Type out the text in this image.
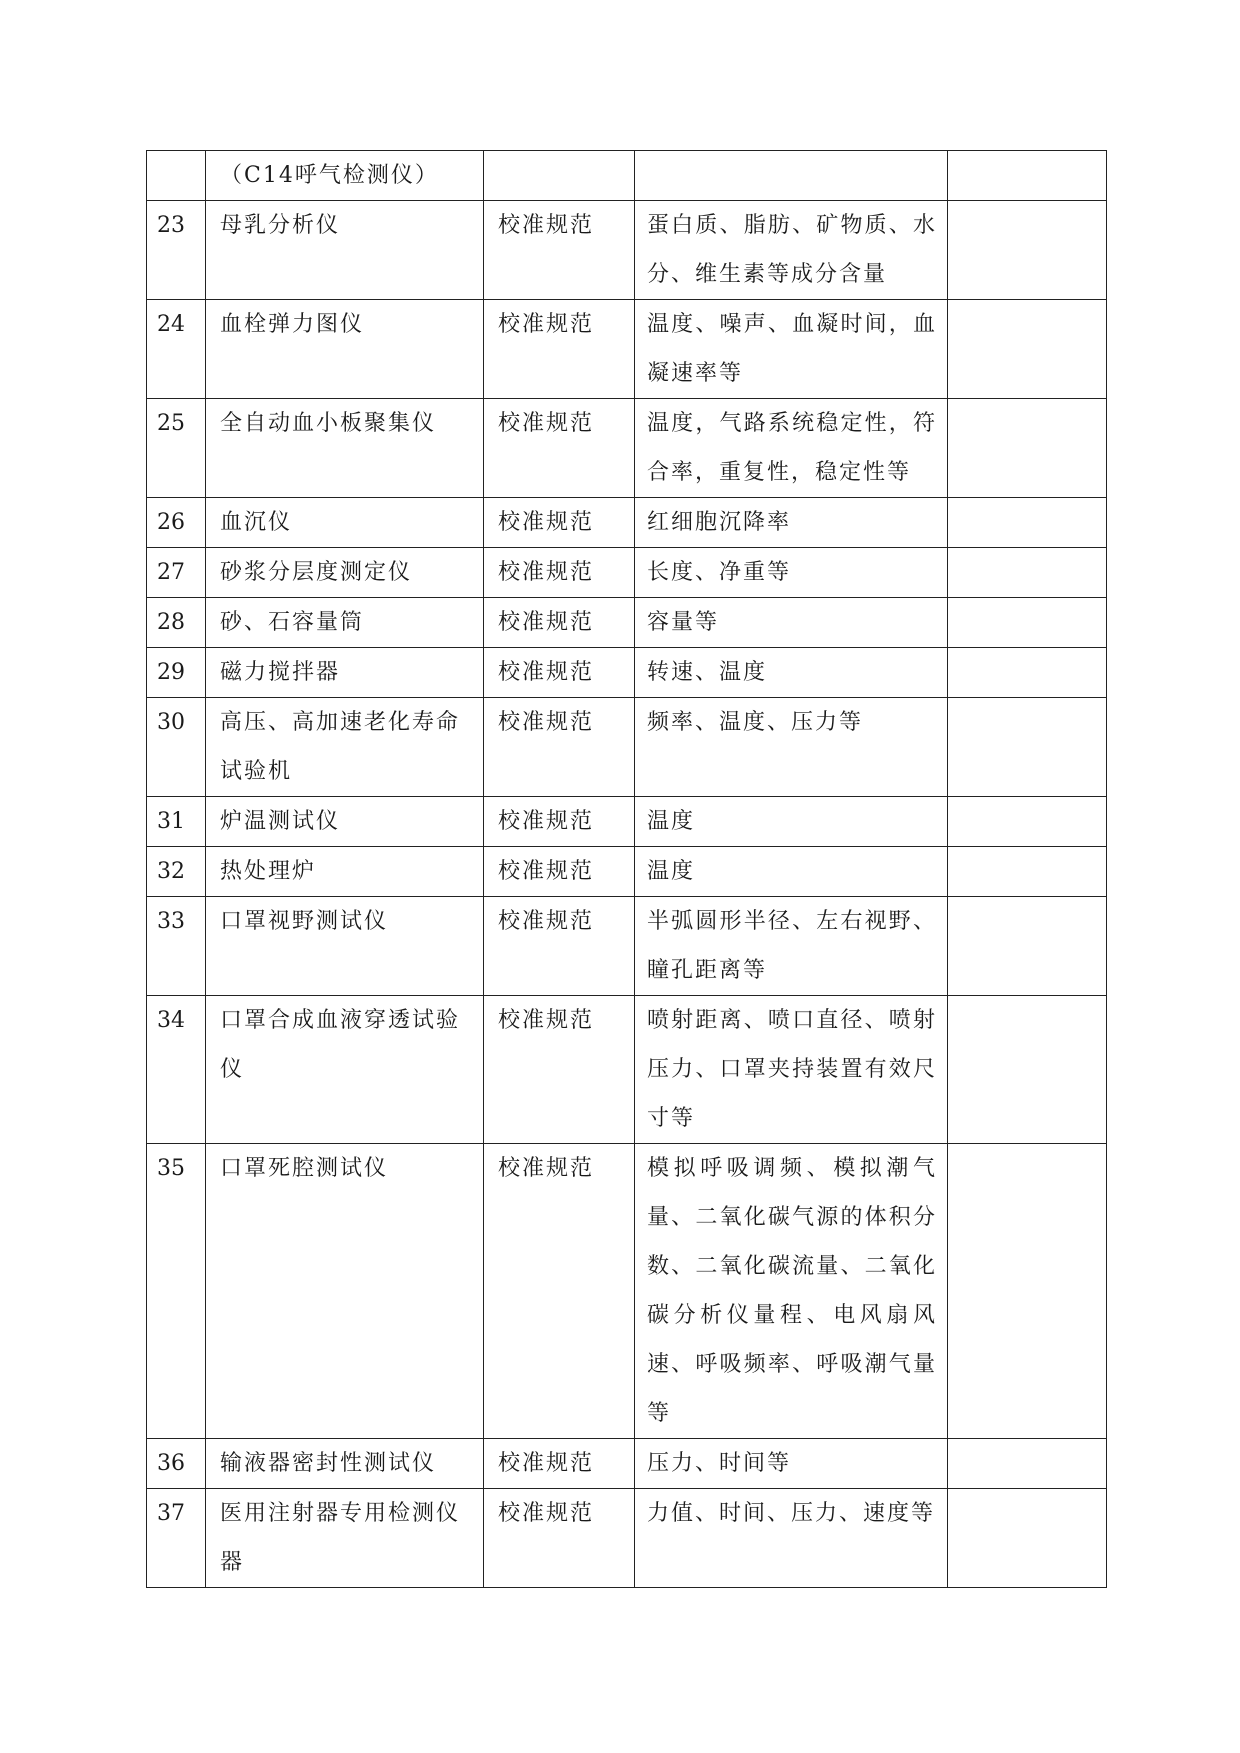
	（C14呼气检测仪）			
23	母乳分析仪	校准规范	蛋白质、脂肪、矿物质、水分、维生素等成分含量	
24	血栓弹力图仪	校准规范	温度、噪声、血凝时间，血凝速率等	
25	全自动血小板聚集仪	校准规范	温度，气路系统稳定性，符合率，重复性，稳定性等	
26	血沉仪	校准规范	红细胞沉降率	
27	砂浆分层度测定仪	校准规范	长度、净重等	
28	砂、石容量筒	校准规范	容量等	
29	磁力搅拌器	校准规范	转速、温度	
30	高压、高加速老化寿命试验机	校准规范	频率、温度、压力等	
31	炉温测试仪	校准规范	温度	
32	热处理炉	校准规范	温度	
33	口罩视野测试仪	校准规范	半弧圆形半径、左右视野、瞳孔距离等	
34	口罩合成血液穿透试验仪	校准规范	喷射距离、喷口直径、喷射压力、口罩夹持装置有效尺寸等	
35	口罩死腔测试仪	校准规范	模拟呼吸调频、模拟潮气量、二氧化碳气源的体积分数、二氧化碳流量、二氧化碳分析仪量程、电风扇风速、呼吸频率、呼吸潮气量等	
36	输液器密封性测试仪	校准规范	压力、时间等	
37	医用注射器专用检测仪器	校准规范	力值、时间、压力、速度等	
